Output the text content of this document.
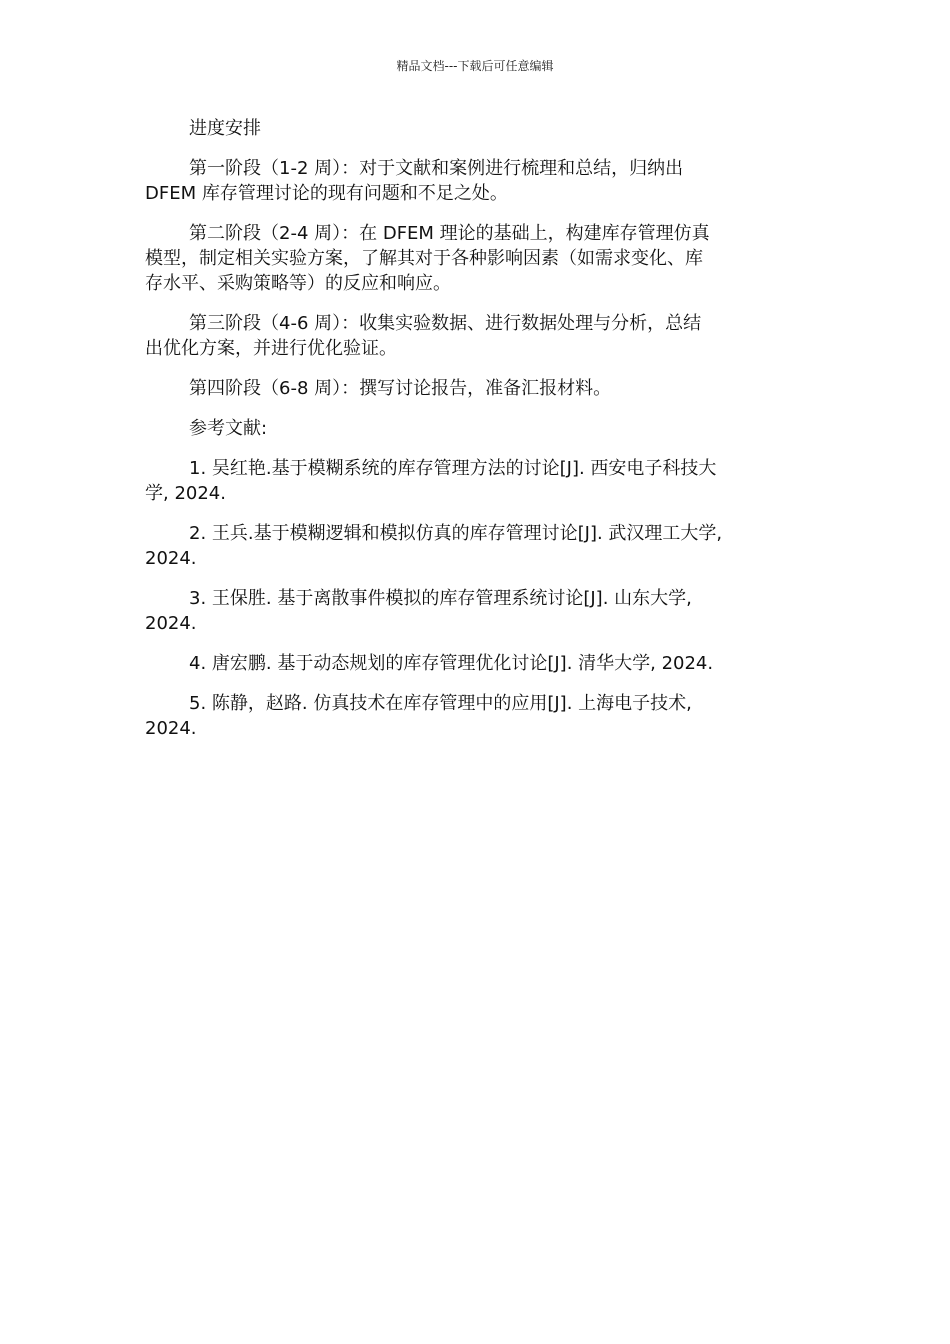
精品文档---下载后可任意编辑

进度安排

第一阶段（1-2 周）：对于文献和案例进行梳理和总结，归纳出
DFEM 库存管理讨论的现有问题和不足之处。

第二阶段（2-4 周）：在 DFEM 理论的基础上，构建库存管理仿真
模型，制定相关实验方案，了解其对于各种影响因素（如需求变化、库
存水平、采购策略等）的反应和响应。

第三阶段（4-6 周）：收集实验数据、进行数据处理与分析，总结
出优化方案，并进行优化验证。

第四阶段（6-8 周）：撰写讨论报告，准备汇报材料。

参考文献:

1. 吴红艳.基于模糊系统的库存管理方法的讨论[J]. 西安电子科技大
学, 2024.

2. 王兵.基于模糊逻辑和模拟仿真的库存管理讨论[J]. 武汉理工大学,
2024.

3. 王保胜. 基于离散事件模拟的库存管理系统讨论[J]. 山东大学,
2024.

4. 唐宏鹏. 基于动态规划的库存管理优化讨论[J]. 清华大学, 2024.

5. 陈静，赵路. 仿真技术在库存管理中的应用[J]. 上海电子技术,
2024.
